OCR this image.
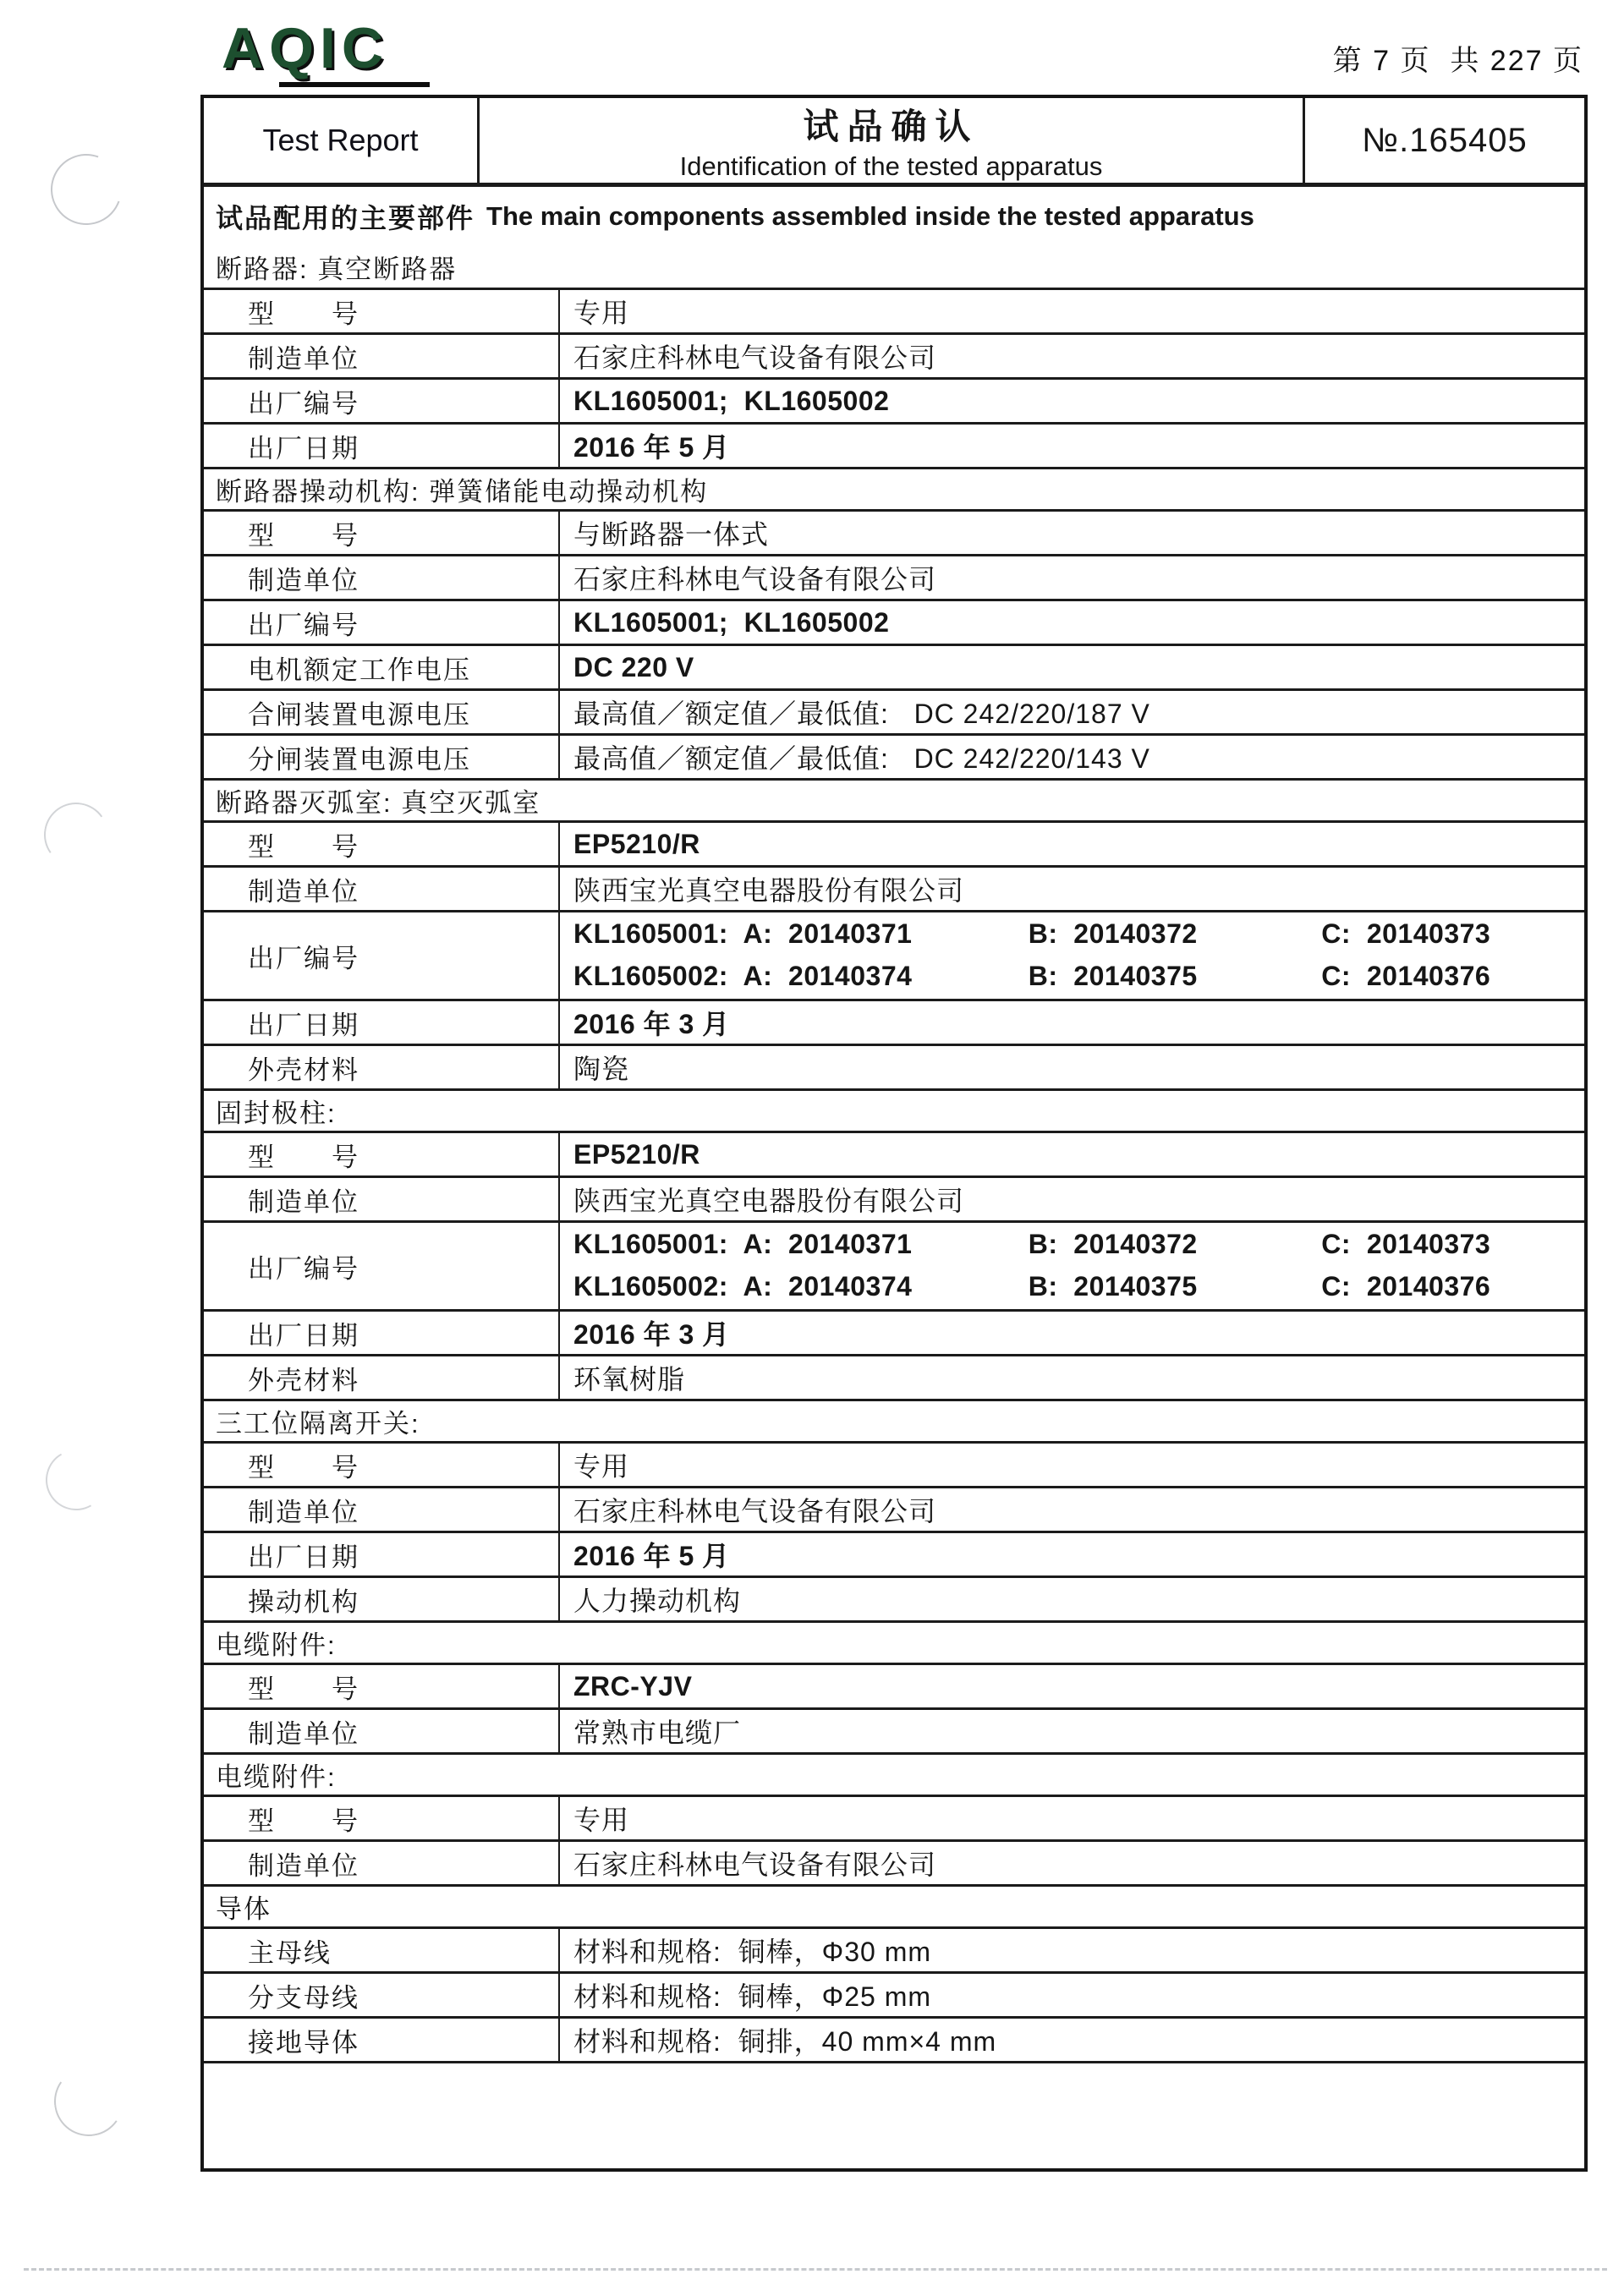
AQIC	第 7 页  共 227 页
Test Report	试品确认
Identification of the tested apparatus
№.165405
试品配用的主要部件 The main components assembled inside the tested apparatus
断路器: 真空断路器
型　　号	专用
制造单位	石家庄科林电气设备有限公司
出厂编号	KL1605001;  KL1605002
出厂日期	2016 年 5 月
断路器操动机构: 弹簧储能电动操动机构
型　　号	与断路器一体式
制造单位	石家庄科林电气设备有限公司
出厂编号	KL1605001;  KL1605002
电机额定工作电压	DC 220 V
合闸装置电源电压	最高值／额定值／最低值:   DC 242/220/187 V
分闸装置电源电压	最高值／额定值／最低值:   DC 242/220/143 V
断路器灭弧室: 真空灭弧室
型　　号	EP5210/R
制造单位	陕西宝光真空电器股份有限公司
出厂编号
KL1605001:  A:  20140371	B:  20140372	C:  20140373
KL1605002:  A:  20140374	B:  20140375	C:  20140376
出厂日期	2016 年 3 月
外壳材料	陶瓷
固封极柱:
型　　号	EP5210/R
制造单位	陕西宝光真空电器股份有限公司
出厂编号
KL1605001:  A:  20140371	B:  20140372	C:  20140373
KL1605002:  A:  20140374	B:  20140375	C:  20140376
出厂日期	2016 年 3 月
外壳材料	环氧树脂
三工位隔离开关:
型　　号	专用
制造单位	石家庄科林电气设备有限公司
出厂日期	2016 年 5 月
操动机构	人力操动机构
电缆附件:
型　　号	ZRC-YJV
制造单位	常熟市电缆厂
电缆附件:
型　　号	专用
制造单位	石家庄科林电气设备有限公司
导体
主母线	材料和规格:  铜棒，Φ30 mm
分支母线	材料和规格:  铜棒，Φ25 mm
接地导体	材料和规格:  铜排，40 mm×4 mm
